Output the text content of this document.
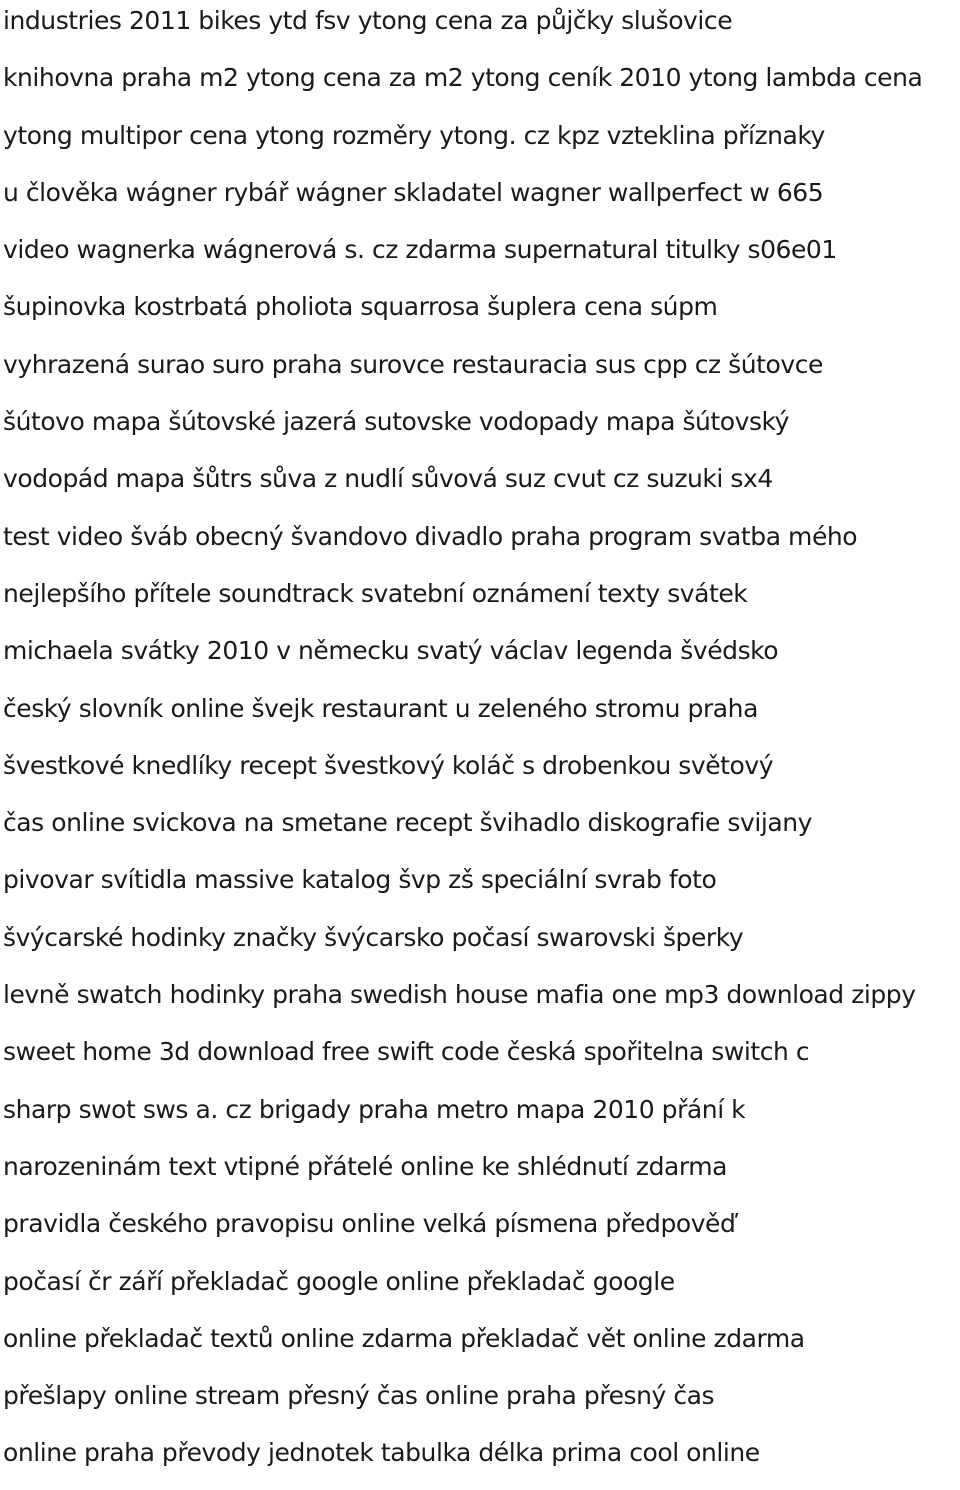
industries 2011 bikes ytd fsv ytong cena za půjčky slušovice
knihovna praha m2 ytong cena za m2 ytong ceník 2010 ytong lambda cena
ytong multipor cena ytong rozměry ytong. cz kpz vzteklina příznaky
u člověka wágner rybář wágner skladatel wagner wallperfect w 665
video wagnerka wágnerová s. cz zdarma supernatural titulky s06e01
šupinovka kostrbatá pholiota squarrosa šuplera cena súpm
vyhrazená surao suro praha surovce restauracia sus cpp cz šútovce
šútovo mapa šútovské jazerá sutovske vodopady mapa šútovský
vodopád mapa šůtrs sůva z nudlí sůvová suz cvut cz suzuki sx4
test video šváb obecný švandovo divadlo praha program svatba mého
nejlepšího přítele soundtrack svatební oznámení texty svátek
michaela svátky 2010 v německu svatý václav legenda švédsko
český slovník online švejk restaurant u zeleného stromu praha
švestkové knedlíky recept švestkový koláč s drobenkou světový
čas online svickova na smetane recept švihadlo diskografie svijany
pivovar svítidla massive katalog švp zš speciální svrab foto
švýcarské hodinky značky švýcarsko počasí swarovski šperky
levně swatch hodinky praha swedish house mafia one mp3 download zippy
sweet home 3d download free swift code česká spořitelna switch c
sharp swot sws a. cz brigady praha metro mapa 2010 přání k
narozeninám text vtipné přátelé online ke shlédnutí zdarma
pravidla českého pravopisu online velká písmena předpověď
počasí čr září překladač google online překladač google
online překladač textů online zdarma překladač vět online zdarma
přešlapy online stream přesný čas online praha přesný čas
online praha převody jednotek tabulka délka prima cool online
